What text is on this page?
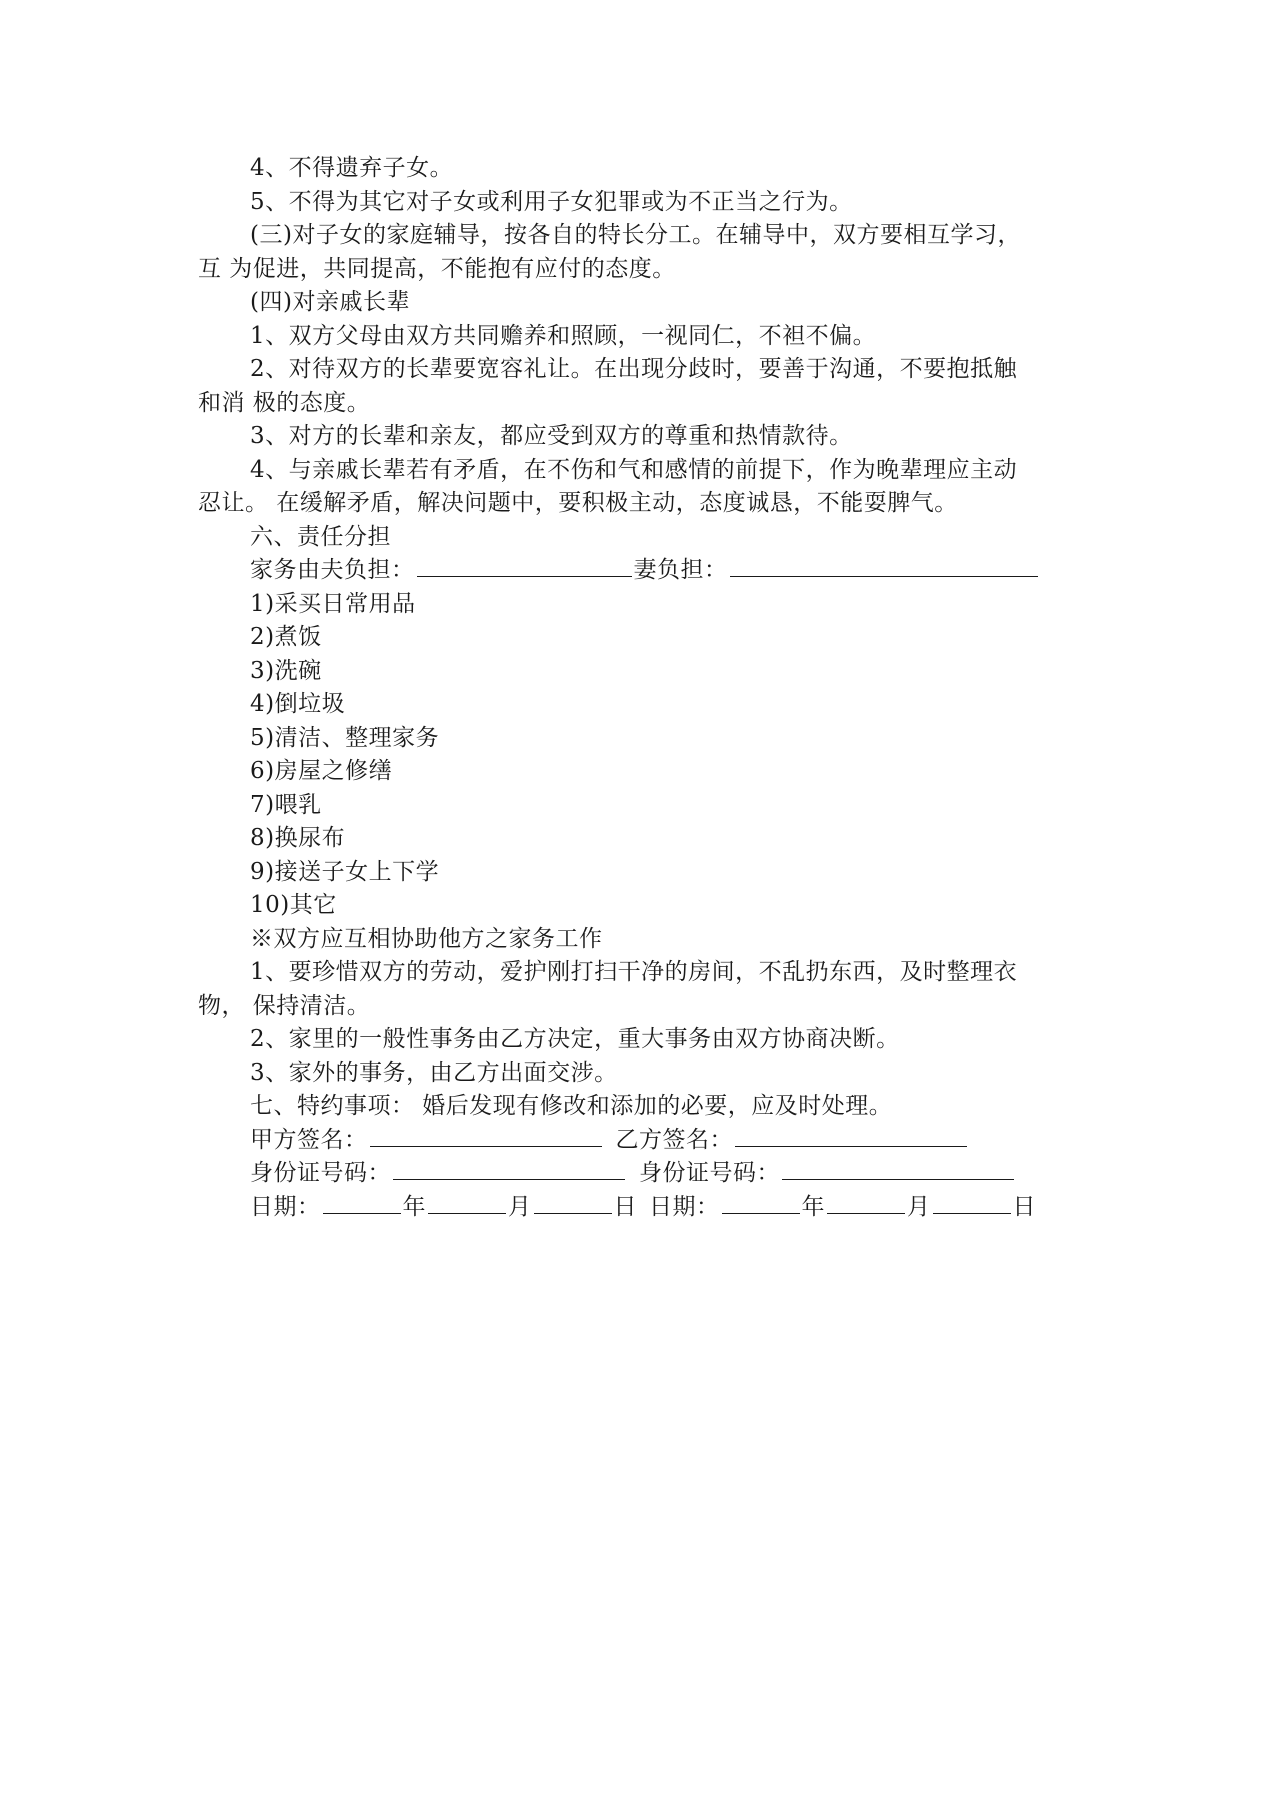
4、不得遗弃子女。
5、不得为其它对子女或利用子女犯罪或为不正当之行为。
(三)对子女的家庭辅导，按各自的特长分工。在辅导中，双方要相互学习，
互 为促进，共同提高，不能抱有应付的态度。
(四)对亲戚长辈
1、双方父母由双方共同赡养和照顾，一视同仁，不袒不偏。
2、对待双方的长辈要宽容礼让。在出现分歧时，要善于沟通，不要抱抵触
和消 极的态度。
3、对方的长辈和亲友，都应受到双方的尊重和热情款待。
4、与亲戚长辈若有矛盾，在不伤和气和感情的前提下，作为晚辈理应主动
忍让。 在缓解矛盾，解决问题中，要积极主动，态度诚恳，不能耍脾气。
六、责任分担
家务由夫负担：	妻负担：
1)采买日常用品
2)煮饭
3)洗碗
4)倒垃圾
5)清洁、整理家务
6)房屋之修缮
7)喂乳
8)换尿布
9)接送子女上下学
10)其它
※双方应互相协助他方之家务工作
1、要珍惜双方的劳动，爱护刚打扫干净的房间，不乱扔东西，及时整理衣
物， 保持清洁。
2、家里的一般性事务由乙方决定，重大事务由双方协商决断。
3、家外的事务，由乙方出面交涉。
七、特约事项： 婚后发现有修改和添加的必要，应及时处理。
甲方签名：	乙方签名：
身份证号码：	身份证号码：
日期：	年	月	日 日期：	年	月	日
